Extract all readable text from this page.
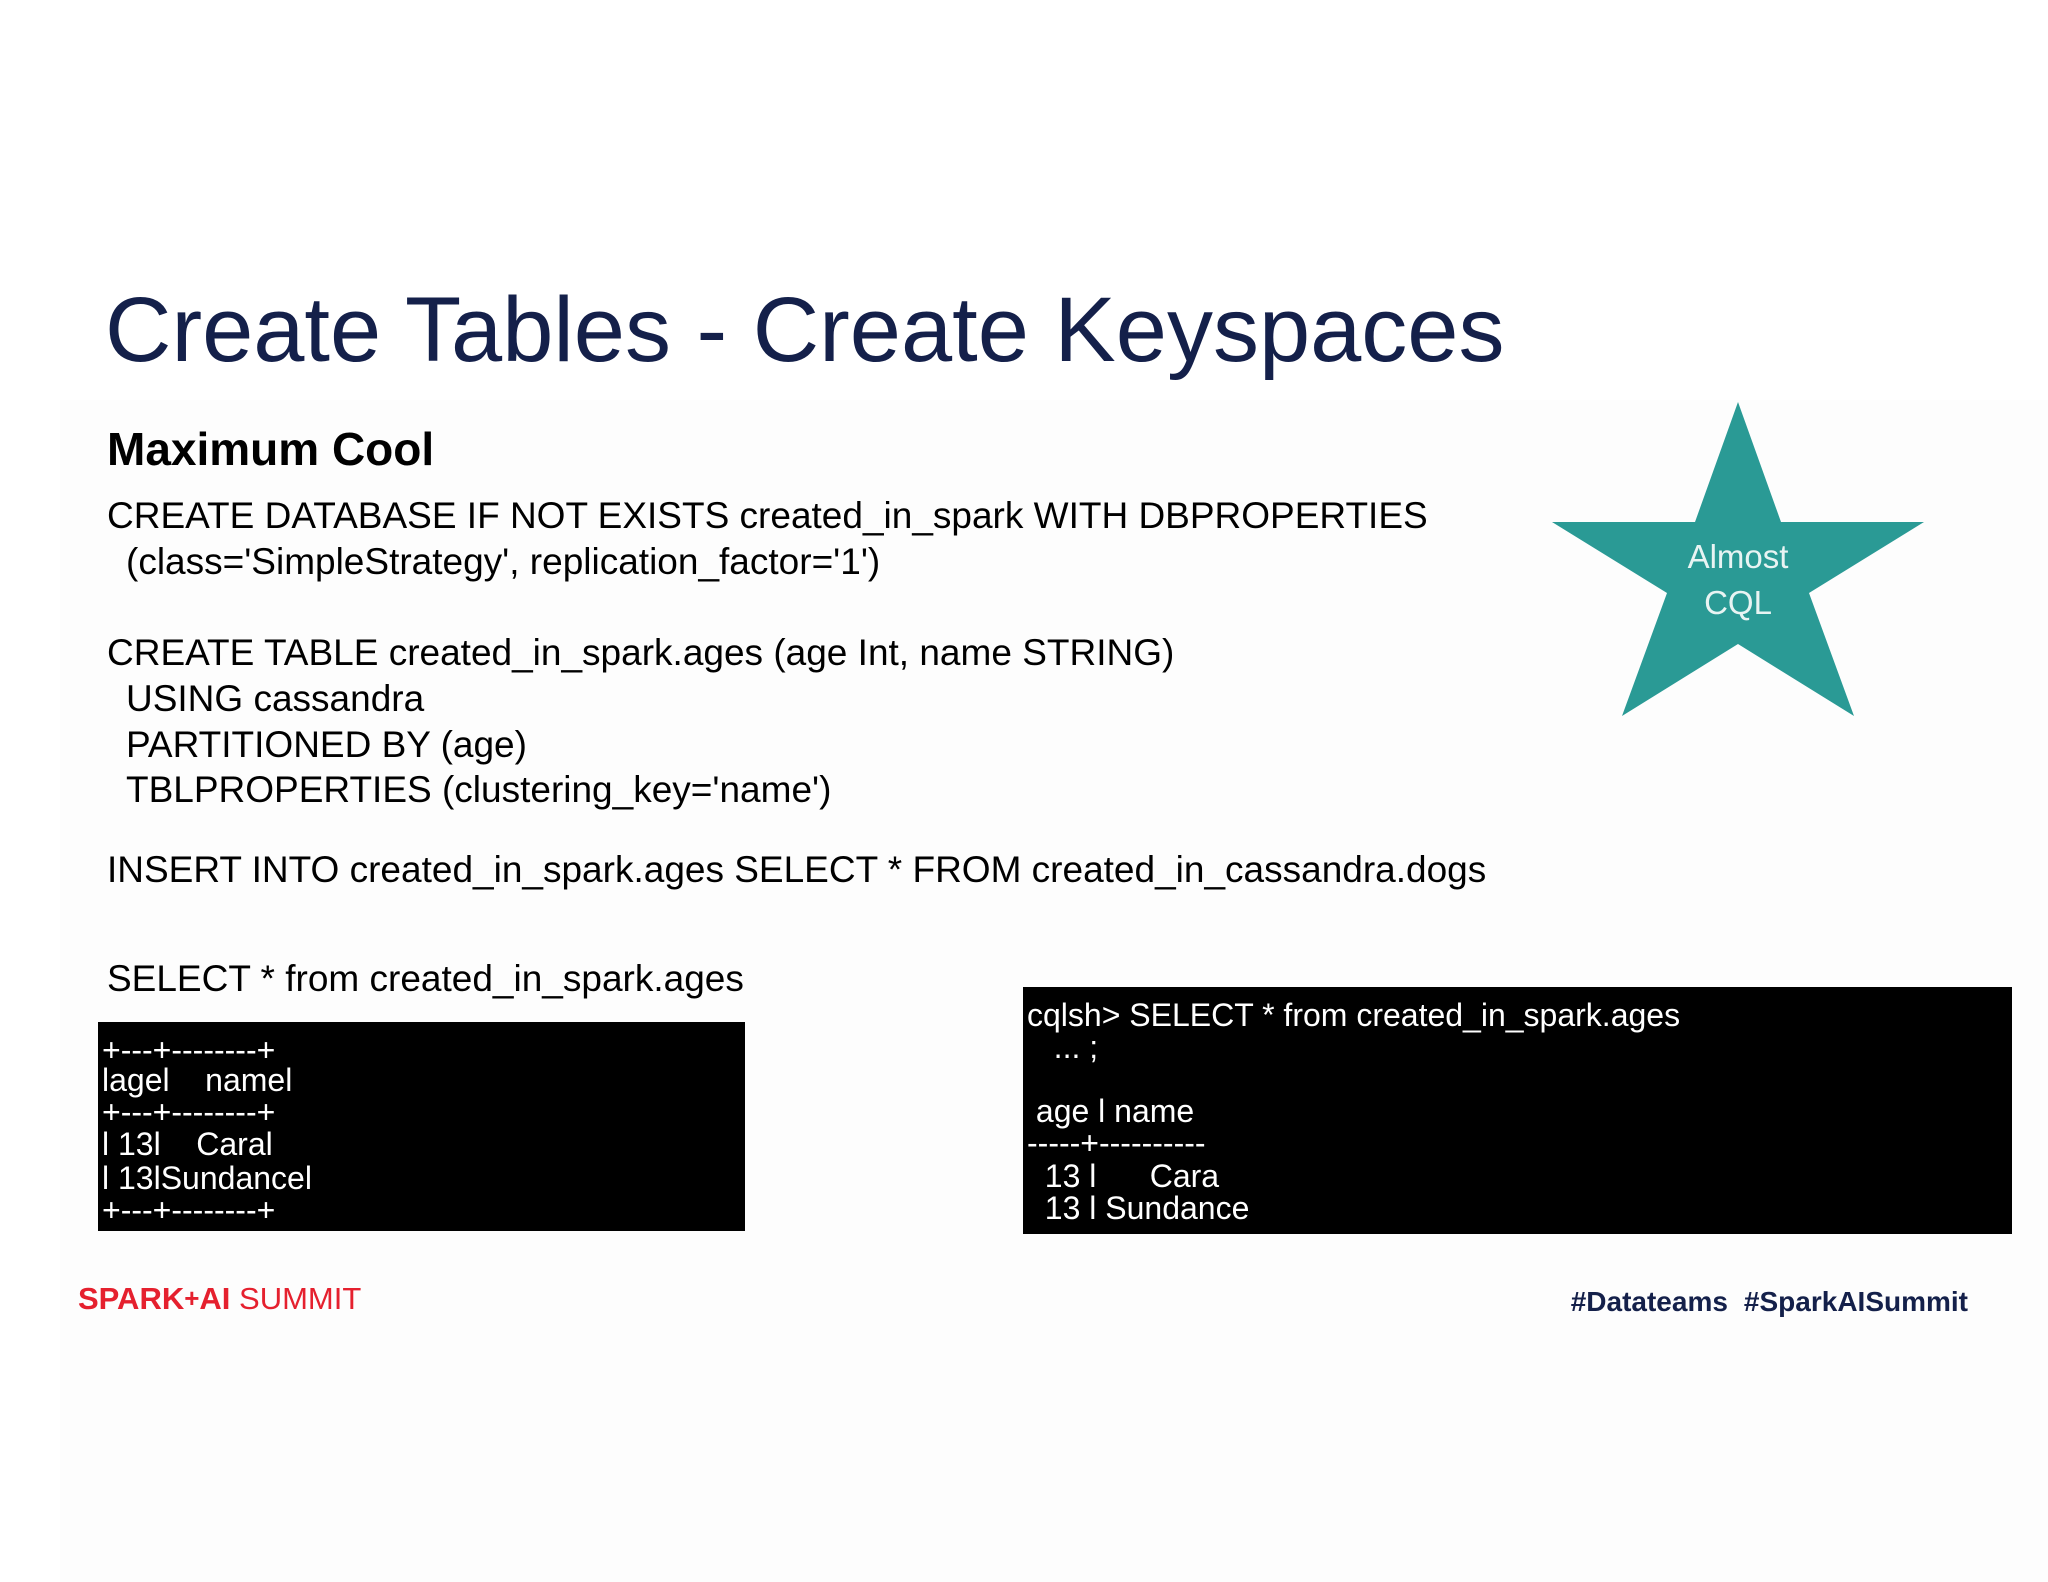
Create Tables - Create Keyspaces
Maximum Cool

CREATE DATABASE IF NOT EXISTS created_in_spark WITH DBPROPERTIES

(class='SimpleStrategy', replication_factor='1')

CREATE TABLE created_in_spark.ages (age Int, name STRING)

USING cassandra

PARTITIONED BY (age)

TBLPROPERTIES (clustering_key='name')

INSERT INTO created_in_spark.ages SELECT * FROM created_in_cassandra.dogs

SELECT * from created_in_spark.ages

+---+--------+

lagel    namel

+---+--------+

l 13l    Caral

l 13lSundancel

+---+--------+

cqlsh> SELECT * from created_in_spark.ages

... ;

age l name

-----+----------

13 l      Cara

13 l Sundance

Almost
CQL
SPARK+AI SUMMIT	#Datateams #SparkAISummit
